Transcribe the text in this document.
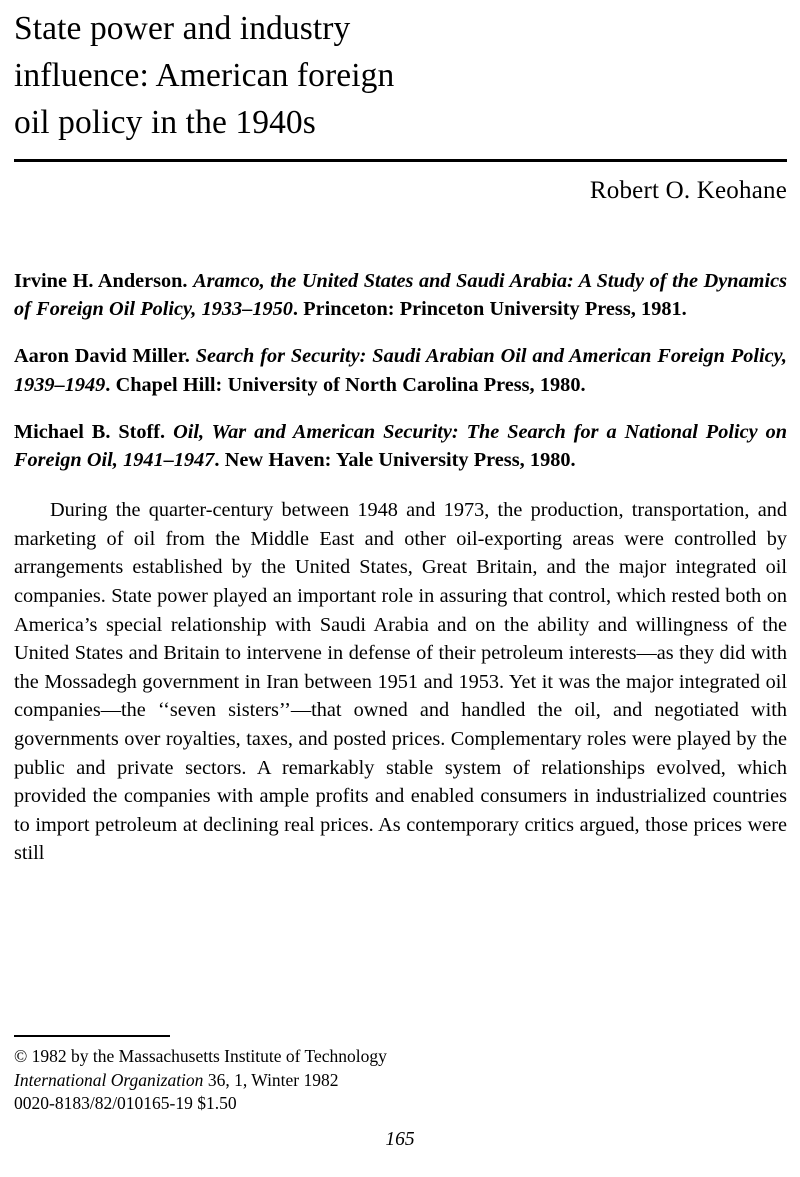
State power and industry
influence: American foreign
oil policy in the 1940s
Robert O. Keohane

Irvine H. Anderson. Aramco, the United States and Saudi Arabia: A Study of the Dynamics of Foreign Oil Policy, 1933–1950. Princeton: Princeton University Press, 1981.

Aaron David Miller. Search for Security: Saudi Arabian Oil and American Foreign Policy, 1939–1949. Chapel Hill: University of North Carolina Press, 1980.

Michael B. Stoff. Oil, War and American Security: The Search for a National Policy on Foreign Oil, 1941–1947. New Haven: Yale University Press, 1980.

During the quarter-century between 1948 and 1973, the production, transportation, and marketing of oil from the Middle East and other oil-exporting areas were controlled by arrangements established by the United States, Great Britain, and the major integrated oil companies. State power played an important role in assuring that control, which rested both on America’s special relationship with Saudi Arabia and on the ability and willingness of the United States and Britain to intervene in defense of their petroleum interests—as they did with the Mossadegh government in Iran between 1951 and 1953. Yet it was the major integrated oil companies—the ‘‘seven sisters’’—that owned and handled the oil, and negotiated with governments over royalties, taxes, and posted prices. Complementary roles were played by the public and private sectors. A remarkably stable system of relationships evolved, which provided the companies with ample profits and enabled consumers in industrialized countries to import petroleum at declining real prices. As contemporary critics argued, those prices were still

© 1982 by the Massachusetts Institute of Technology
International Organization 36, 1, Winter 1982
0020-8183/82/010165-19 $1.50
165
